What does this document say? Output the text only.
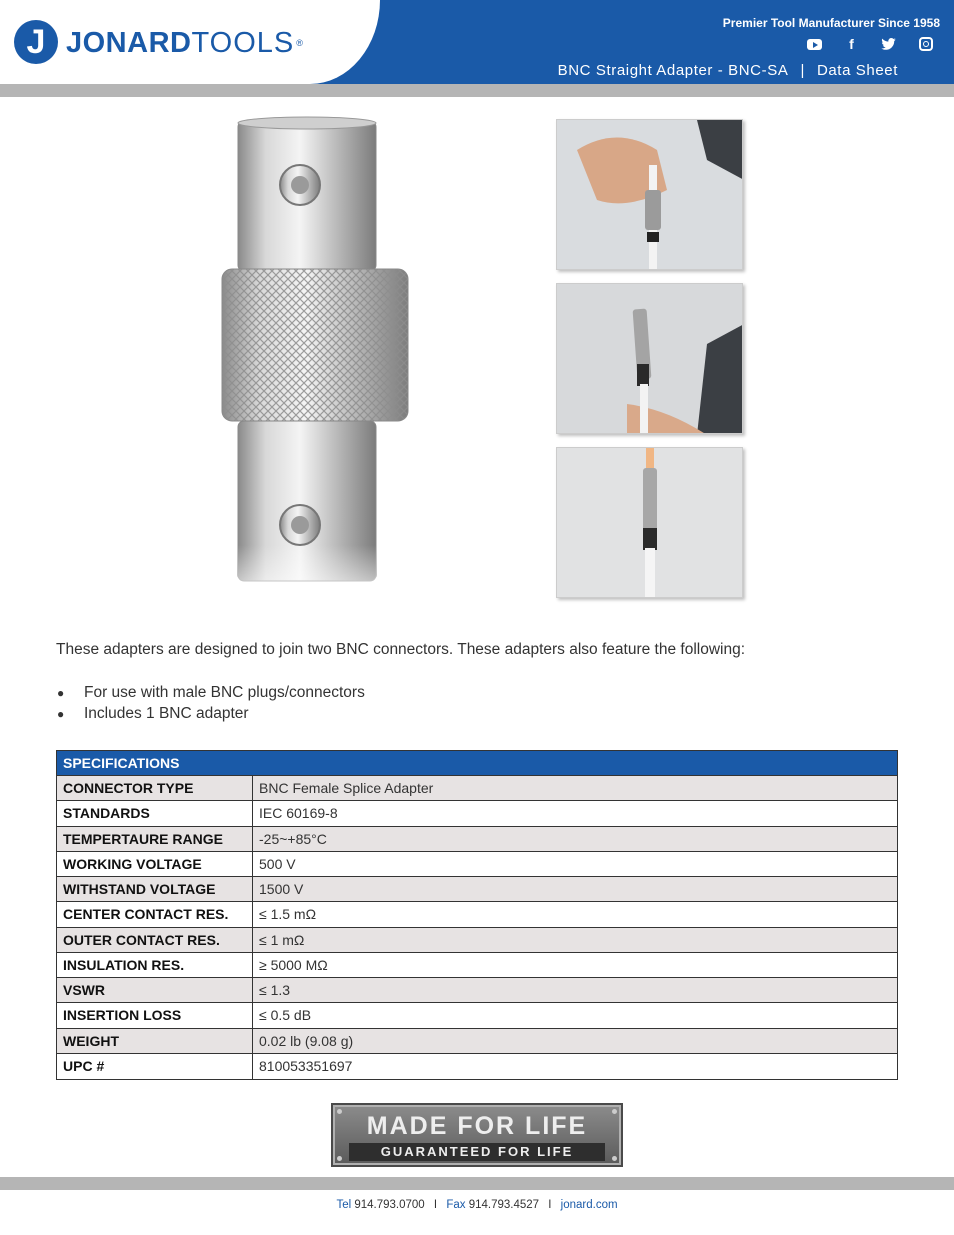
J JONARDTOOLS ®
Premier Tool Manufacturer Since 1958
f
BNC Straight Adapter - BNC-SA | Data Sheet
These adapters are designed to join two BNC connectors. These adapters also feature the following:
● For use with male BNC plugs/connectors
● Includes 1 BNC adapter
SPECIFICATIONS
CONNECTOR TYPE	BNC Female Splice Adapter
STANDARDS	IEC 60169-8
TEMPERTAURE RANGE	-25~+85°C
WORKING VOLTAGE	500 V
WITHSTAND VOLTAGE	1500 V
CENTER CONTACT RES.	≤ 1.5 mΩ
OUTER CONTACT RES.	≤ 1 mΩ
INSULATION RES.	≥ 5000 MΩ
VSWR	≤ 1.3
INSERTION LOSS	≤ 0.5 dB
WEIGHT	0.02 lb (9.08 g)
UPC #	810053351697
MADE FOR LIFE
GUARANTEED FOR LIFE
Tel 914.793.0700 I Fax 914.793.4527 I jonard.com
